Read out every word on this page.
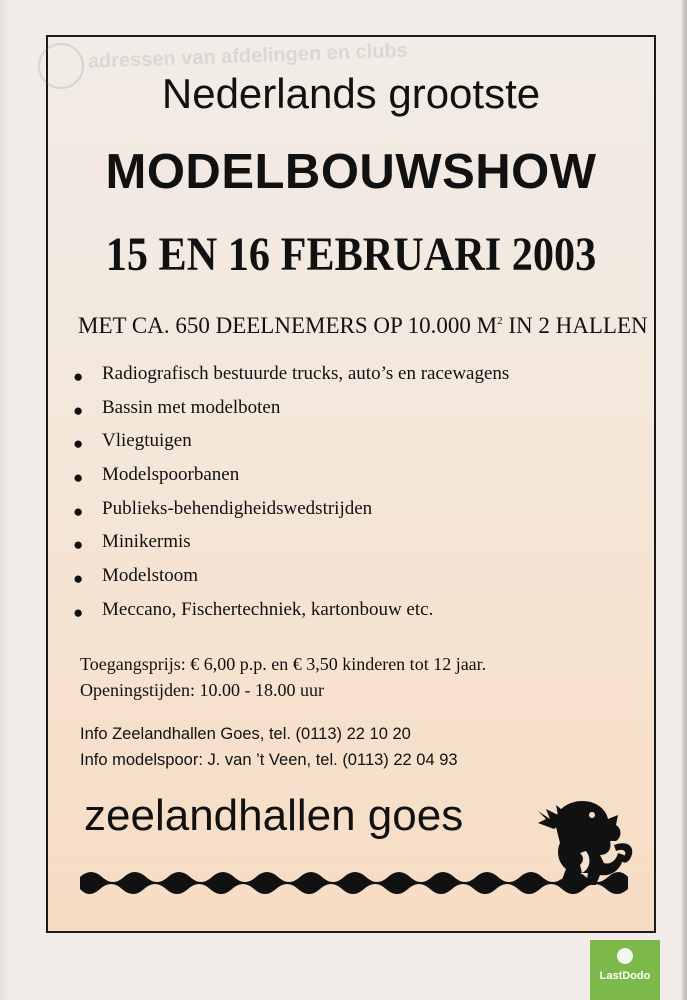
adressen van afdelingen en clubs
Nederlands grootste
MODELBOUWSHOW
15 EN 16 FEBRUARI 2003
MET CA. 650 DEELNEMERS OP 10.000 $M^2$ IN 2 HALLEN
● Radiografisch bestuurde trucks, auto’s en racewagens
● Bassin met modelboten
● Vliegtuigen
● Modelspoorbanen
● Publieks-behendigheidswedstrijden
● Minikermis
● Modelstoom
● Meccano, Fischertechniek, kartonbouw etc.
Toegangsprijs: € 6,00 p.p. en € 3,50 kinderen tot 12 jaar.
Openingstijden: 10.00 - 18.00 uur
Info Zeelandhallen Goes, tel. (0113) 22 10 20
Info modelspoor: J. van ’t Veen, tel. (0113) 22 04 93
zeelandhallen goes
LastDodo
